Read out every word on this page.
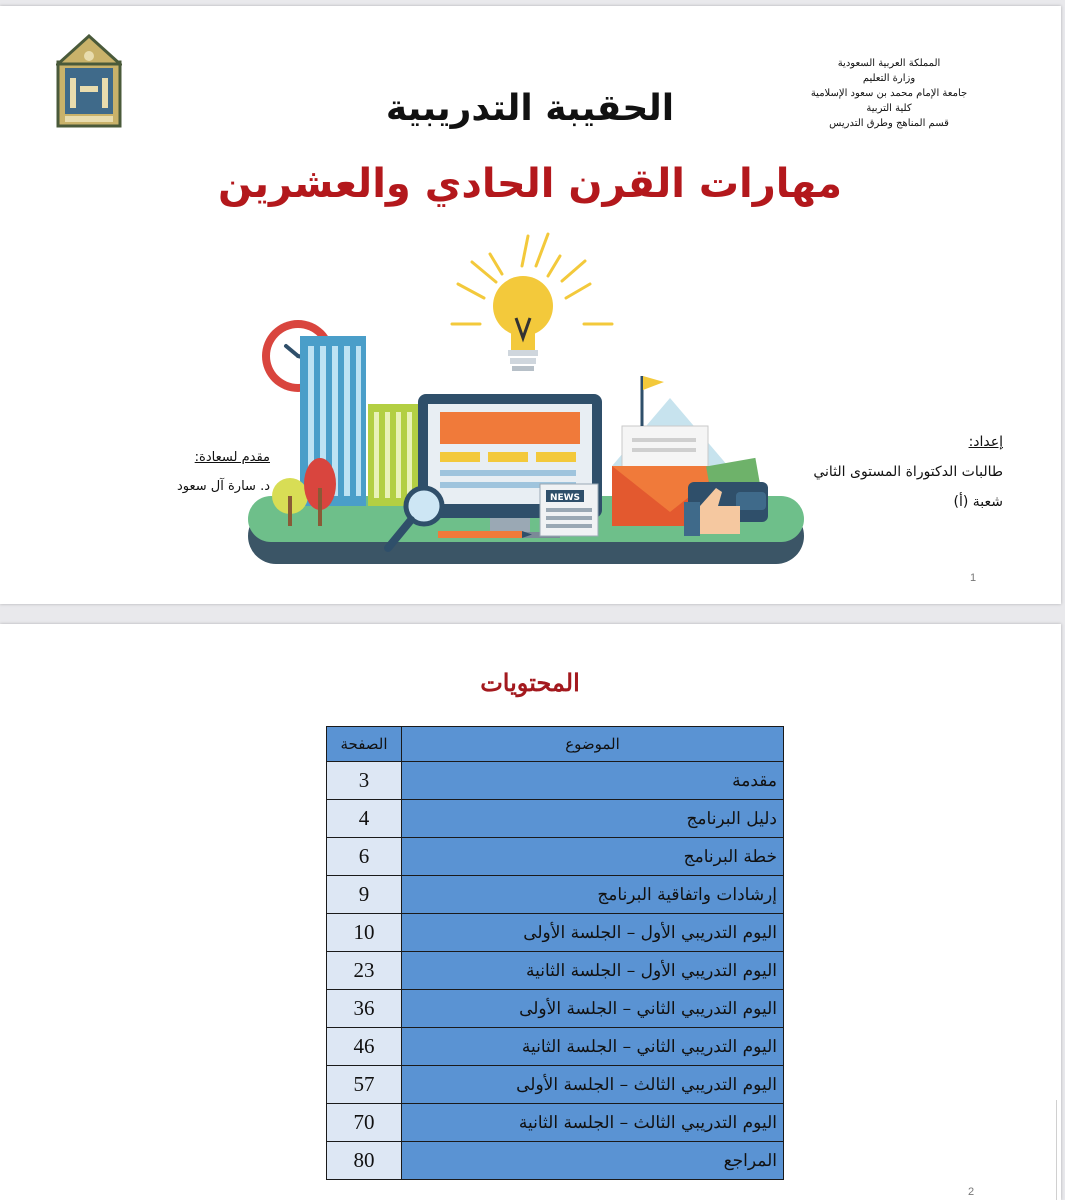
المملكة العربية السعودية
وزارة التعليم
جامعة الإمام محمد بن سعود الإسلامية
كلية التربية
قسم المناهج وطرق التدريس
الحقيبة التدريبية
مهارات القرن الحادي والعشرين
NEWS
إعداد:
طالبات الدكتوراة المستوى الثاني
شعبة (أ)
مقدم لسعادة:
د. سارة آل سعود
1
المحتويات
الموضوع	الصفحة
مقدمة	3
دليل البرنامج	4
خطة البرنامج	6
إرشادات واتفاقية البرنامج	9
اليوم التدريبي الأول – الجلسة الأولى	10
اليوم التدريبي الأول – الجلسة الثانية	23
اليوم التدريبي الثاني – الجلسة الأولى	36
اليوم التدريبي الثاني – الجلسة الثانية	46
اليوم التدريبي الثالث – الجلسة الأولى	57
اليوم التدريبي الثالث – الجلسة الثانية	70
المراجع	80
2
